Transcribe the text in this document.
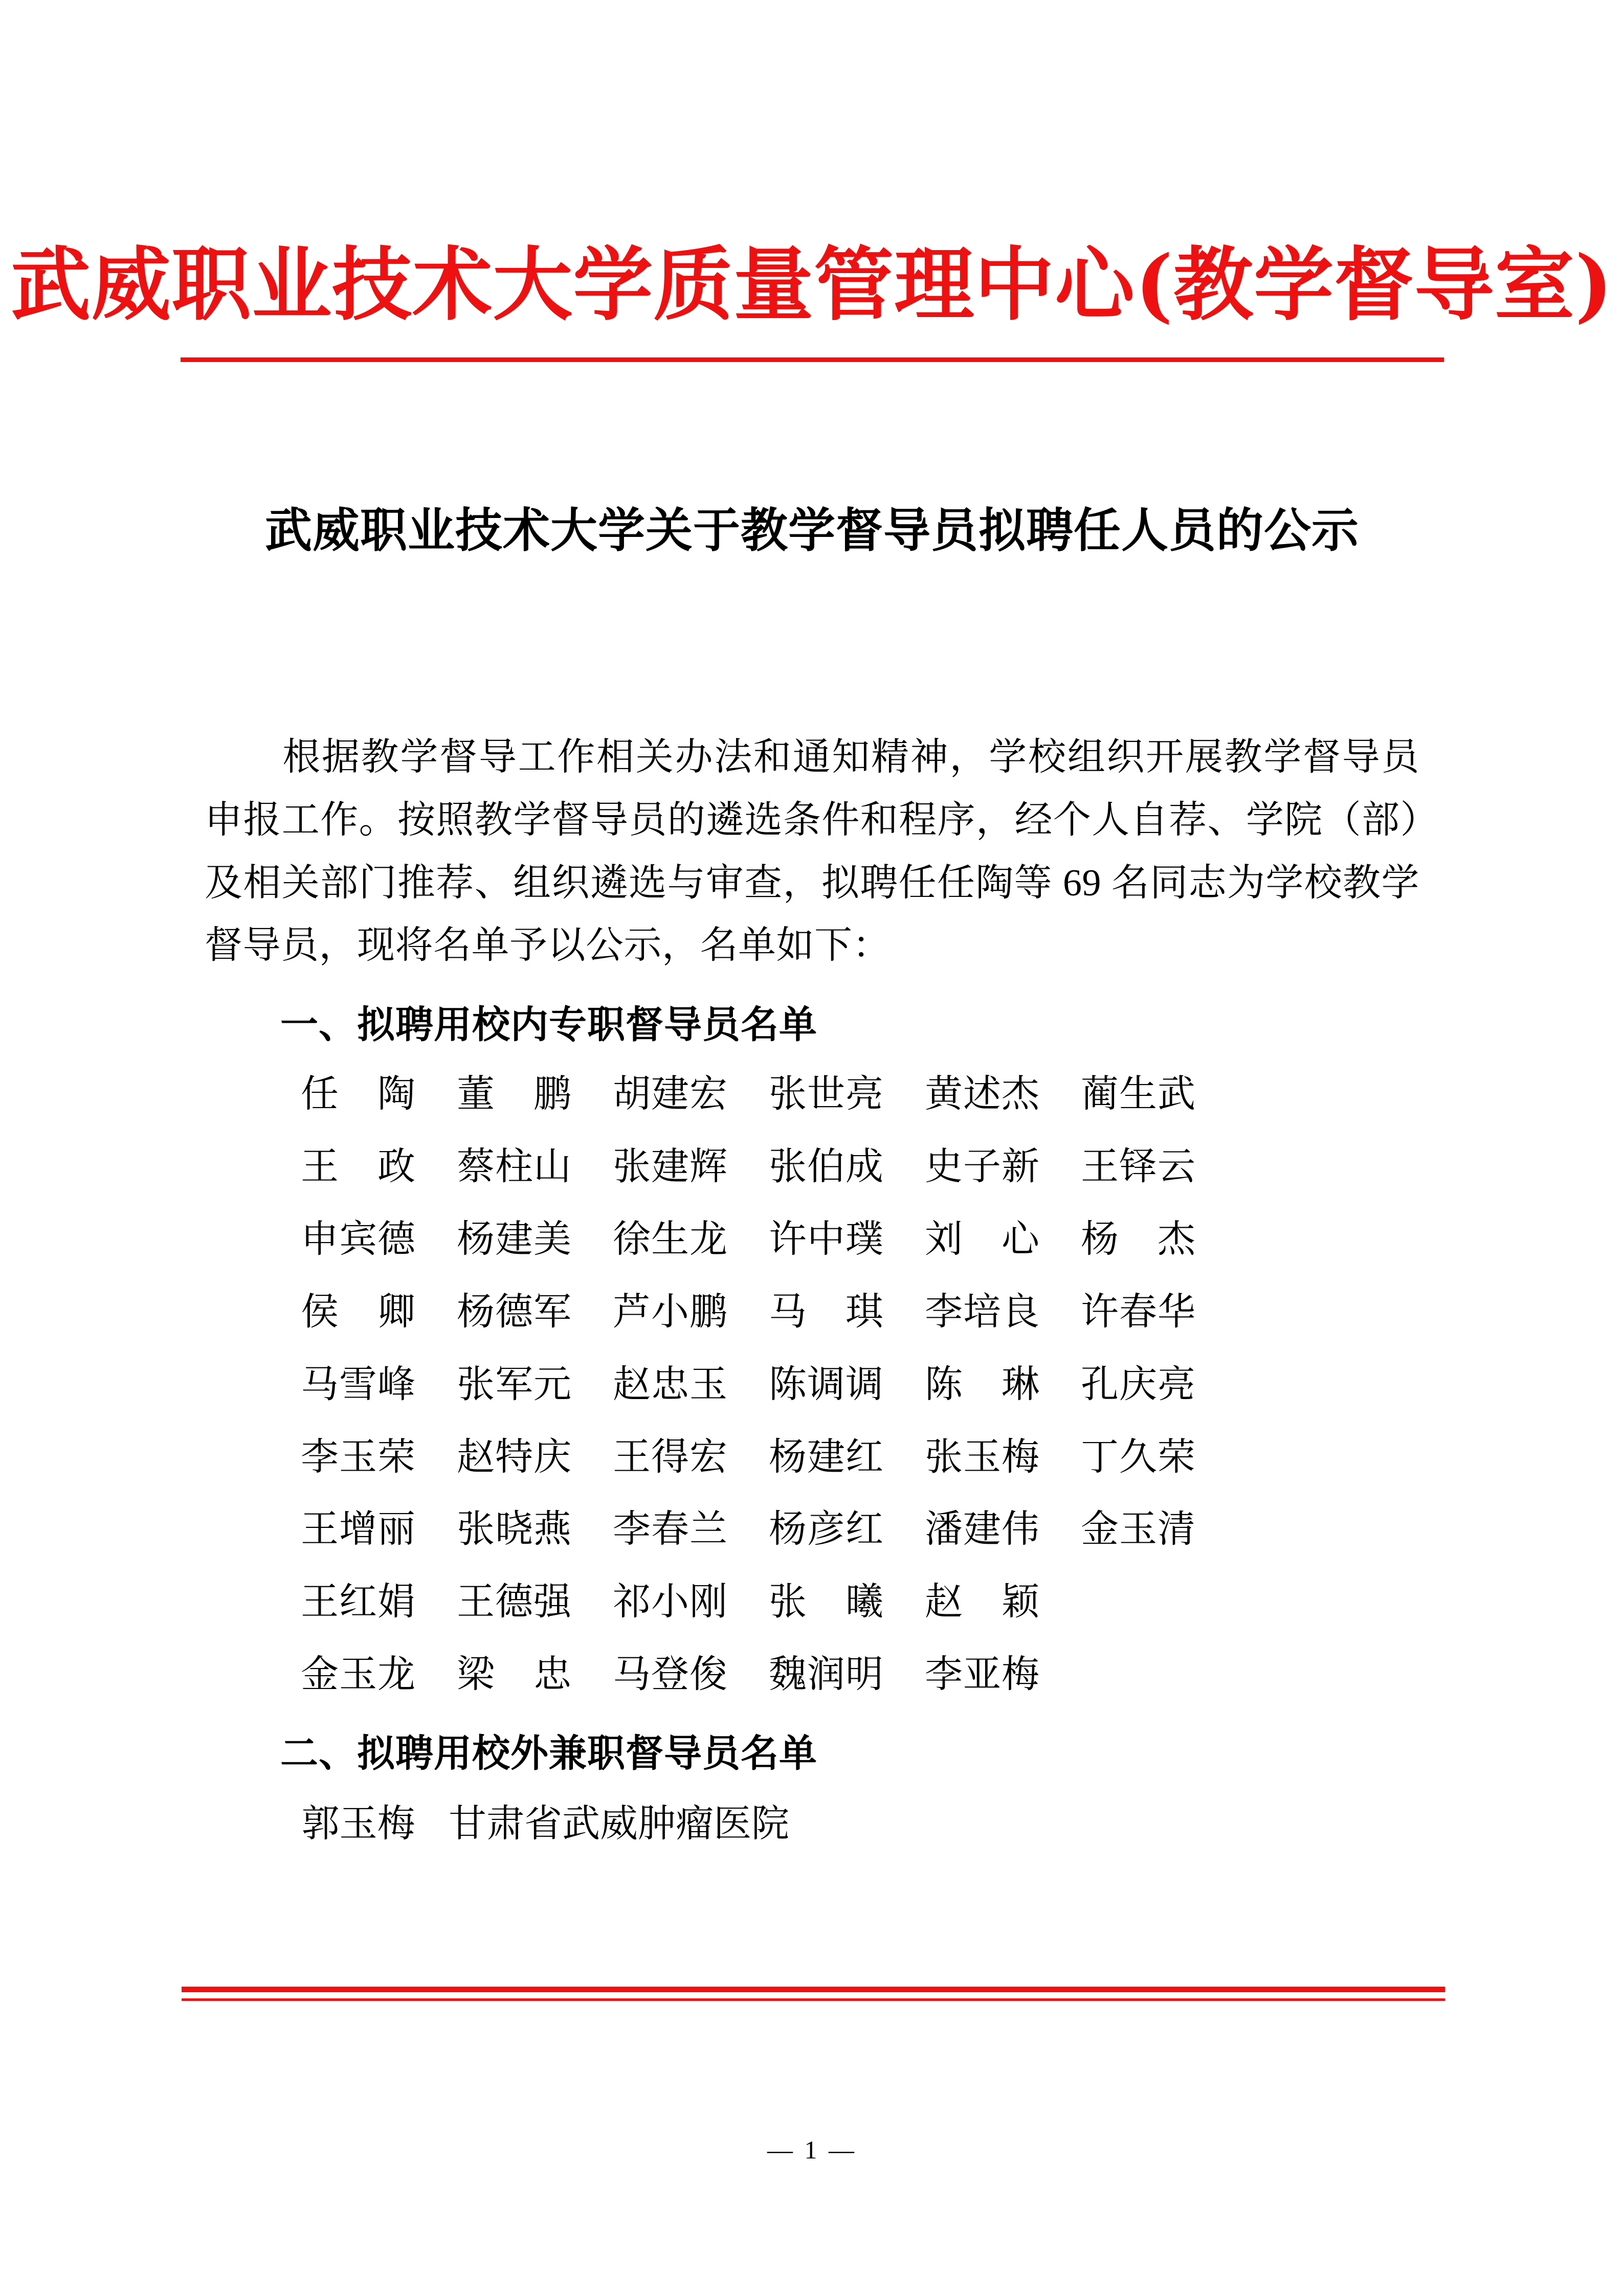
武威职业技术大学质量管理中心(教学督导室)
武威职业技术大学关于教学督导员拟聘任人员的公示
根据教学督导工作相关办法和通知精神，学校组织开展教学督导员申报工作。按照教学督导员的遴选条件和程序，经个人自荐、学院（部）及相关部门推荐、组织遴选与审查，拟聘任任陶等 69 名同志为学校教学督导员，现将名单予以公示，名单如下：
一、拟聘用校内专职督导员名单
任　陶	董　鹏	胡建宏	张世亮	黄述杰	蔺生武
王　政	蔡柱山	张建辉	张伯成	史子新	王铎云
申宾德	杨建美	徐生龙	许中璞	刘　心	杨　杰
侯　卿	杨德军	芦小鹏	马　琪	李培良	许春华
马雪峰	张军元	赵忠玉	陈调调	陈　琳	孔庆亮
李玉荣	赵特庆	王得宏	杨建红	张玉梅	丁久荣
王增丽	张晓燕	李春兰	杨彦红	潘建伟	金玉清
王红娟	王德强	祁小刚	张　曦	赵　颖
金玉龙	梁　忠	马登俊	魏润明	李亚梅
二、拟聘用校外兼职督导员名单
郭玉梅 甘肃省武威肿瘤医院
— 1 —
